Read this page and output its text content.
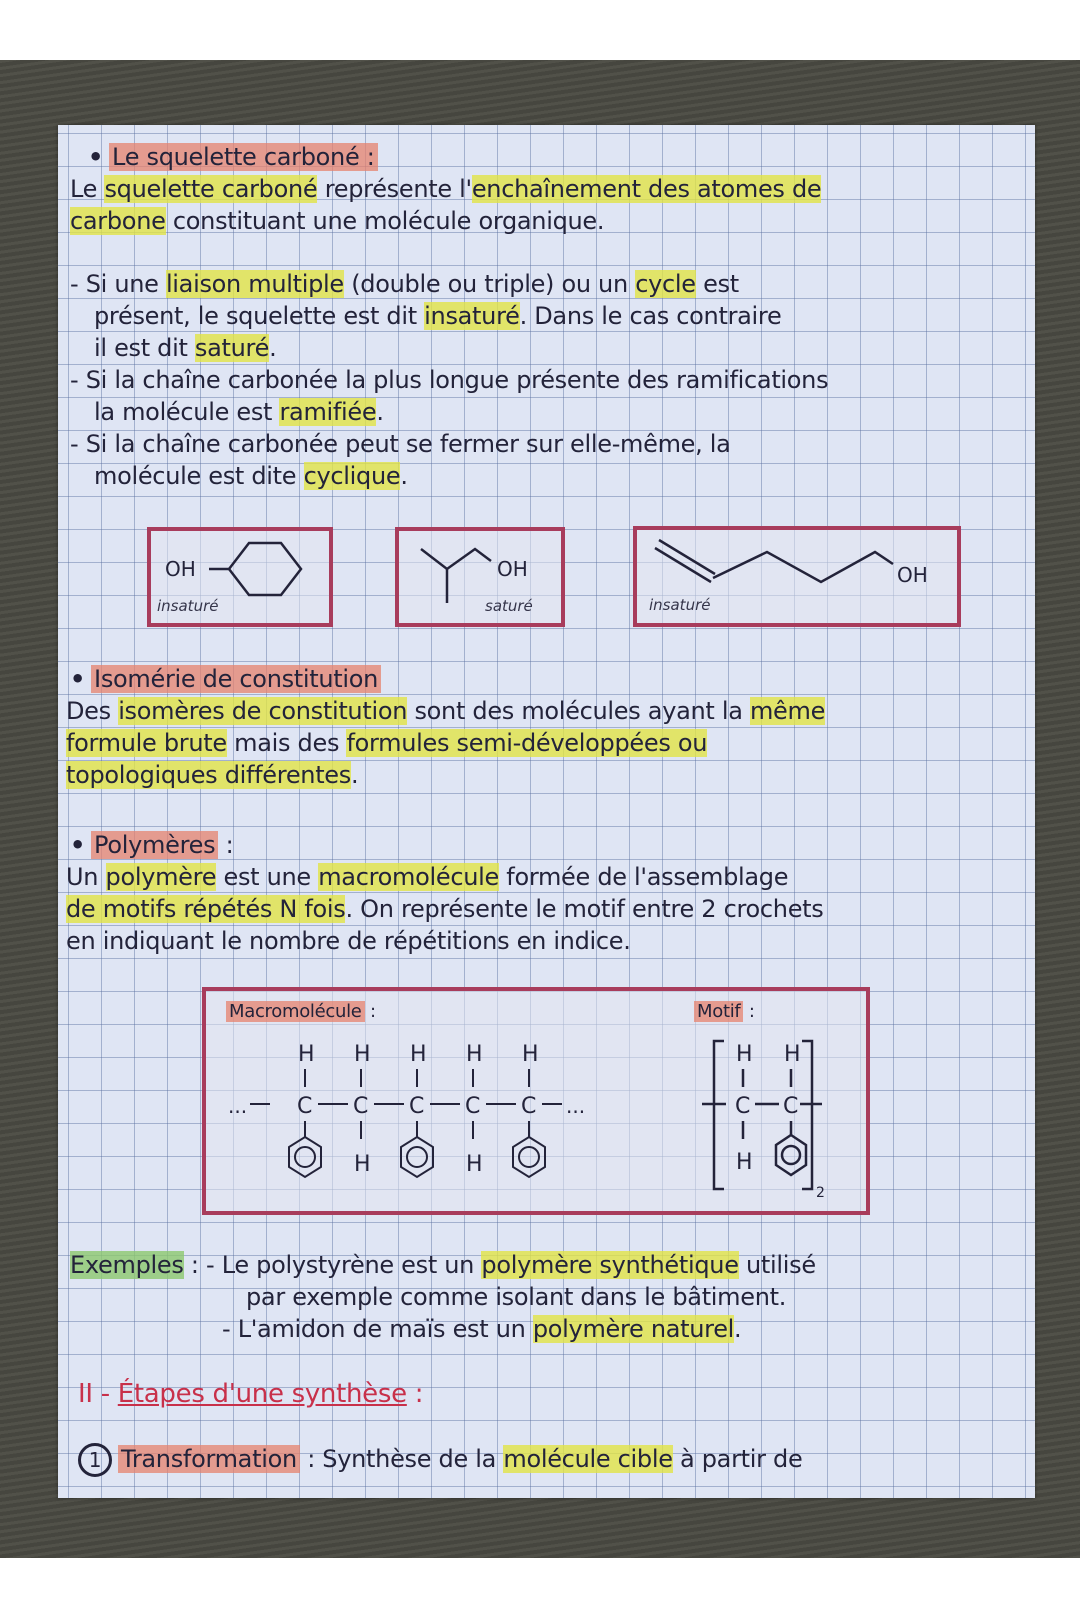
• Le squelette carboné :
Le squelette carboné représente l'enchaînement des atomes de
carbone constituant une molécule organique.
- Si une liaison multiple (double ou triple) ou un cycle est
présent, le squelette est dit insaturé. Dans le cas contraire
il est dit saturé.
- Si la chaîne carbonée la plus longue présente des ramifications
la molécule est ramifiée.
- Si la chaîne carbonée peut se fermer sur elle-même, la
molécule est dite cyclique.
OH
insaturé
OH
saturé
OH
insaturé
• Isomérie de constitution
Des isomères de constitution sont des molécules ayant la même
formule brute mais des formules semi-développées ou
topologiques différentes.
• Polymères :
Un polymère est une macromolécule formée de l'assemblage
de motifs répétés N fois. On représente le motif entre 2 crochets
en indiquant le nombre de répétitions en indice.
Macromolécule :	Motif :
...
H H H H H
C C C C C
H	H
...
H H
C C
H
2
Exemples : - Le polystyrène est un polymère synthétique utilisé
par exemple comme isolant dans le bâtiment.
- L'amidon de maïs est un polymère naturel.
II - Étapes d'une synthèse :
1 Transformation : Synthèse de la molécule cible à partir de
